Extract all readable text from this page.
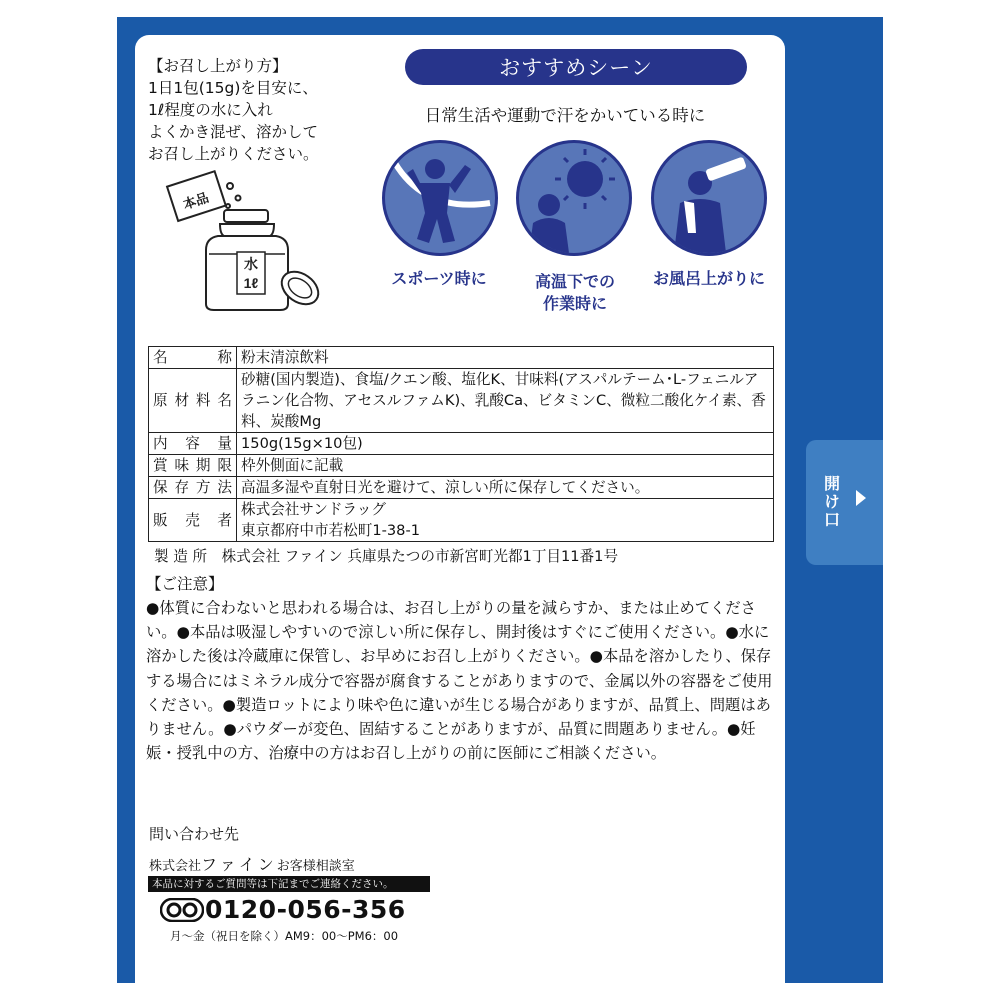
開け口
【お召し上がり方】
1日1包(15g)を目安に、
1ℓ程度の水に入れ
よくかき混ぜ、溶かして
お召し上がりください。
本品
水
1ℓ
おすすめシーン
日常生活や運動で汗をかいている時に
スポーツ時に	高温下での
作業時に
お風呂上がりに
名称	粉末清涼飲料
原材料名	砂糖(国内製造)、食塩/クエン酸、塩化K、甘味料(アスパルテーム･L-フェニルアラニン化合物、アセスルファムK)、乳酸Ca、ビタミンC、微粒二酸化ケイ素、香料、炭酸Mg
内容量	150g(15g×10包)
賞味期限	枠外側面に記載
保存方法	高温多湿や直射日光を避けて、涼しい所に保存してください。
販売者	株式会社サンドラッグ
東京都府中市若松町1-38-1
製 造 所　 株式会社 ファイン 兵庫県たつの市新宮町光都1丁目11番1号
【ご注意】
●体質に合わないと思われる場合は、お召し上がりの量を減らすか、または止めてください。●本品は吸湿しやすいので涼しい所に保存し、開封後はすぐにご使用ください。●水に溶かした後は冷蔵庫に保管し、お早めにお召し上がりください。●本品を溶かしたり、保存する場合にはミネラル成分で容器が腐食することがありますので、金属以外の容器をご使用ください。●製造ロットにより味や色に違いが生じる場合がありますが、品質上、問題はありません。●パウダーが変色、固結することがありますが、品質に問題ありません。●妊娠・授乳中の方、治療中の方はお召し上がりの前に医師にご相談ください。
問い合わせ先
株式会社ファインお客様相談室
本品に対するご質問等は下記までご連絡ください。
0120-056-356
月～金（祝日を除く）AM9：00～PM6：00
